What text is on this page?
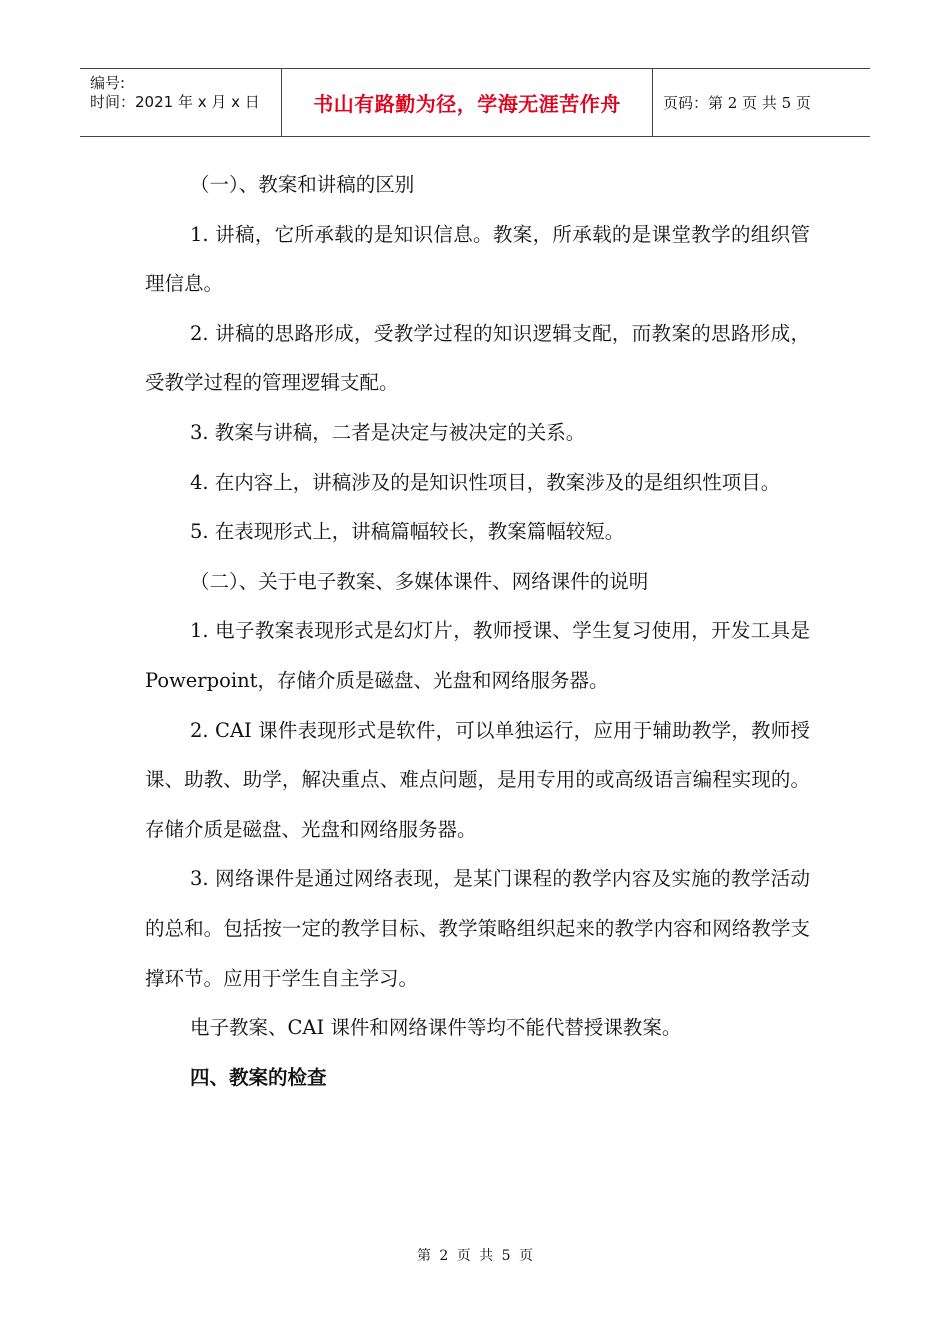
编号:
时间：2021 年 x 月 x 日	书山有路勤为径，学海无涯苦作舟	页码：第 2 页 共 5 页

（一）、教案和讲稿的区别

1. 讲稿，它所承载的是知识信息。教案，所承载的是课堂教学的组织管理信息。

2. 讲稿的思路形成，受教学过程的知识逻辑支配，而教案的思路形成，受教学过程的管理逻辑支配。

3. 教案与讲稿，二者是决定与被决定的关系。

4. 在内容上，讲稿涉及的是知识性项目，教案涉及的是组织性项目。

5. 在表现形式上，讲稿篇幅较长，教案篇幅较短。

（二）、关于电子教案、多媒体课件、网络课件的说明

1. 电子教案表现形式是幻灯片，教师授课、学生复习使用，开发工具是 Powerpoint，存储介质是磁盘、光盘和网络服务器。

2. CAI 课件表现形式是软件，可以单独运行，应用于辅助教学，教师授课、助教、助学，解决重点、难点问题，是用专用的或高级语言编程实现的。存储介质是磁盘、光盘和网络服务器。

3. 网络课件是通过网络表现，是某门课程的教学内容及实施的教学活动的总和。包括按一定的教学目标、教学策略组织起来的教学内容和网络教学支撑环节。应用于学生自主学习。

电子教案、CAI 课件和网络课件等均不能代替授课教案。

四、教案的检查

第 2 页 共 5 页
